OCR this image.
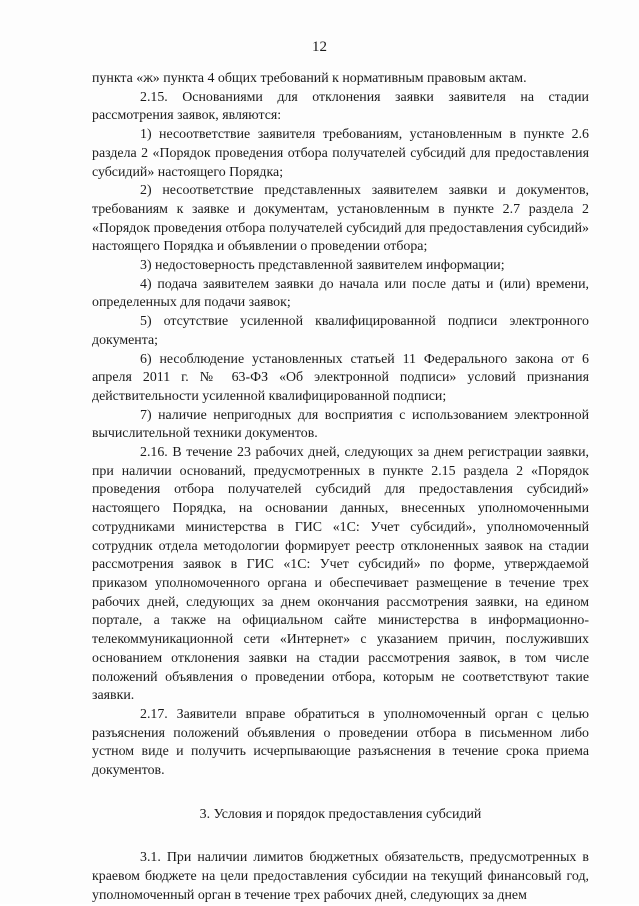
12

пункта «ж» пункта 4 общих требований к нормативным правовым актам.

2.15. Основаниями для отклонения заявки заявителя на стадии рассмотрения заявок, являются:

1) несоответствие заявителя требованиям, установленным в пункте 2.6 раздела 2 «Порядок проведения отбора получателей субсидий для предоставления субсидий» настоящего Порядка;

2) несоответствие представленных заявителем заявки и документов, требованиям к заявке и документам, установленным в пункте 2.7 раздела 2 «Порядок проведения отбора получателей субсидий для предоставления субсидий» настоящего Порядка и объявлении о проведении отбора;

3) недостоверность представленной заявителем информации;

4) подача заявителем заявки до начала или после даты и (или) времени, определенных для подачи заявок;

5) отсутствие усиленной квалифицированной подписи электронного документа;

6) несоблюдение установленных статьей 11 Федерального закона от 6 апреля 2011 г. № 63-ФЗ «Об электронной подписи» условий признания действительности усиленной квалифицированной подписи;

7) наличие непригодных для восприятия с использованием электронной вычислительной техники документов.

2.16. В течение 23 рабочих дней, следующих за днем регистрации заявки, при наличии оснований, предусмотренных в пункте 2.15 раздела 2 «Порядок проведения отбора получателей субсидий для предоставления субсидий» настоящего Порядка, на основании данных, внесенных уполномоченными сотрудниками министерства в ГИС «1С: Учет субсидий», уполномоченный сотрудник отдела методологии формирует реестр отклоненных заявок на стадии рассмотрения заявок в ГИС «1С: Учет субсидий» по форме, утверждаемой приказом уполномоченного органа и обеспечивает размещение в течение трех рабочих дней, следующих за днем окончания рассмотрения заявки, на едином портале, а также на официальном сайте министерства в информационно-телекоммуникационной сети «Интернет» с указанием причин, послуживших основанием отклонения заявки на стадии рассмотрения заявок, в том числе положений объявления о проведении отбора, которым не соответствуют такие заявки.

2.17. Заявители вправе обратиться в уполномоченный орган с целью разъяснения положений объявления о проведении отбора в письменном либо устном виде и получить исчерпывающие разъяснения в течение срока приема документов.

3. Условия и порядок предоставления субсидий

3.1. При наличии лимитов бюджетных обязательств, предусмотренных в краевом бюджете на цели предоставления субсидии на текущий финансовый год, уполномоченный орган в течение трех рабочих дней, следующих за днем
